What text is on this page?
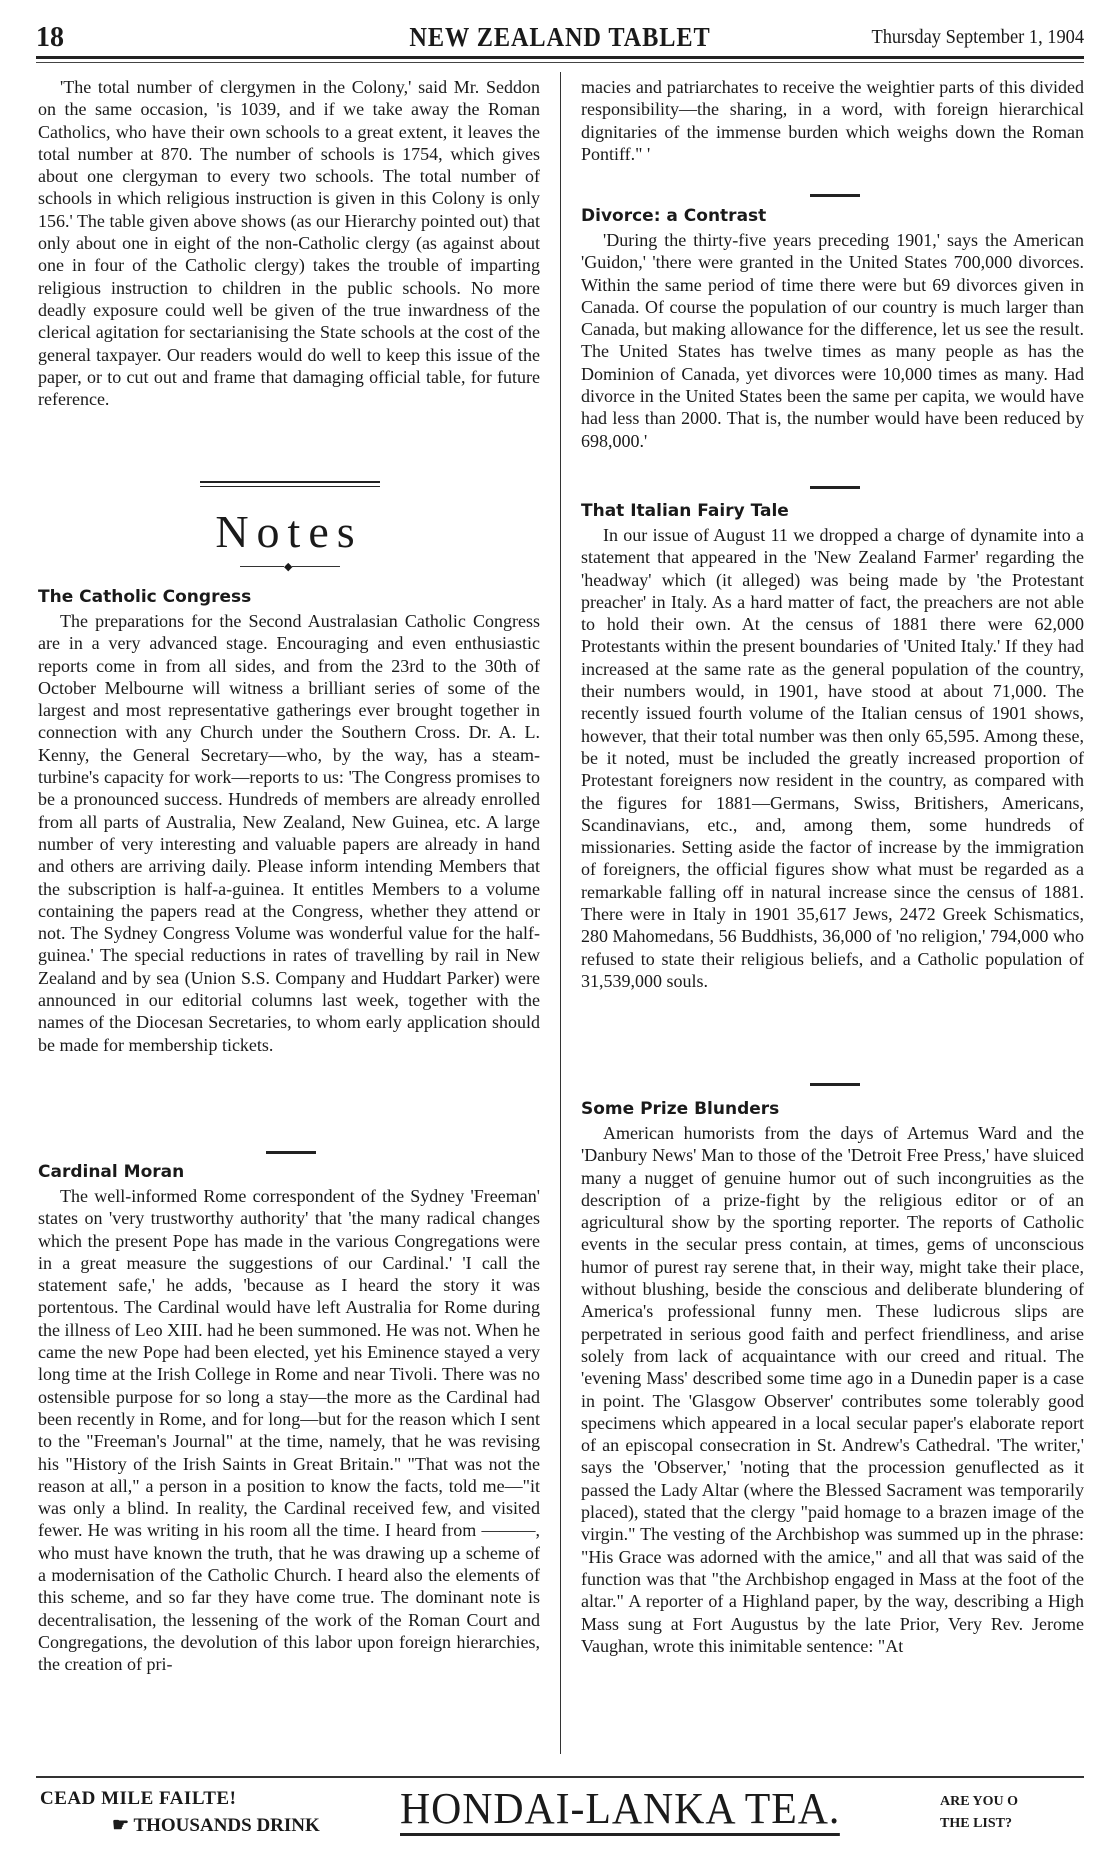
18	NEW ZEALAND TABLET	Thursday September 1, 1904

'The total number of clergymen in the Colony,' said Mr. Seddon on the same occasion, 'is 1039, and if we take away the Roman Catholics, who have their own schools to a great extent, it leaves the total number at 870. The number of schools is 1754, which gives about one clergyman to every two schools. The total number of schools in which religious instruction is given in this Colony is only 156.' The table given above shows (as our Hierarchy pointed out) that only about one in eight of the non-Catholic clergy (as against about one in four of the Catholic clergy) takes the trouble of imparting religious instruction to children in the public schools. No more deadly exposure could well be given of the true inwardness of the clerical agitation for sectarianising the State schools at the cost of the general taxpayer. Our readers would do well to keep this issue of the paper, or to cut out and frame that damaging official table, for future reference.

Notes
◆
The Catholic Congress

The preparations for the Second Australasian Catholic Congress are in a very advanced stage. Encouraging and even enthusiastic reports come in from all sides, and from the 23rd to the 30th of October Melbourne will witness a brilliant series of some of the largest and most representative gatherings ever brought together in connection with any Church under the Southern Cross. Dr. A. L. Kenny, the General Secretary—who, by the way, has a steam-turbine's capacity for work—reports to us: 'The Congress promises to be a pronounced success. Hundreds of members are already enrolled from all parts of Australia, New Zealand, New Guinea, etc. A large number of very interesting and valuable papers are already in hand and others are arriving daily. Please inform intending Members that the subscription is half-a-guinea. It entitles Members to a volume containing the papers read at the Congress, whether they attend or not. The Sydney Congress Volume was wonderful value for the half-guinea.' The special reductions in rates of travelling by rail in New Zealand and by sea (Union S.S. Company and Huddart Parker) were announced in our editorial columns last week, together with the names of the Diocesan Secretaries, to whom early application should be made for membership tickets.

Cardinal Moran

The well-informed Rome correspondent of the Sydney 'Freeman' states on 'very trustworthy authority' that 'the many radical changes which the present Pope has made in the various Congregations were in a great measure the suggestions of our Cardinal.' 'I call the statement safe,' he adds, 'because as I heard the story it was portentous. The Cardinal would have left Australia for Rome during the illness of Leo XIII. had he been summoned. He was not. When he came the new Pope had been elected, yet his Eminence stayed a very long time at the Irish College in Rome and near Tivoli. There was no ostensible purpose for so long a stay—the more as the Cardinal had been recently in Rome, and for long—but for the reason which I sent to the "Freeman's Journal" at the time, namely, that he was revising his "History of the Irish Saints in Great Britain." "That was not the reason at all," a person in a position to know the facts, told me—"it was only a blind. In reality, the Cardinal received few, and visited fewer. He was writing in his room all the time. I heard from ———, who must have known the truth, that he was drawing up a scheme of a modernisation of the Catholic Church. I heard also the elements of this scheme, and so far they have come true. The dominant note is decentralisation, the lessening of the work of the Roman Court and Congregations, the devolution of this labor upon foreign hierarchies, the creation of pri-

macies and patriarchates to receive the weightier parts of this divided responsibility—the sharing, in a word, with foreign hierarchical dignitaries of the immense burden which weighs down the Roman Pontiff." '

Divorce: a Contrast

'During the thirty-five years preceding 1901,' says the American 'Guidon,' 'there were granted in the United States 700,000 divorces. Within the same period of time there were but 69 divorces given in Canada. Of course the population of our country is much larger than Canada, but making allowance for the difference, let us see the result. The United States has twelve times as many people as has the Dominion of Canada, yet divorces were 10,000 times as many. Had divorce in the United States been the same per capita, we would have had less than 2000. That is, the number would have been reduced by 698,000.'

That Italian Fairy Tale

In our issue of August 11 we dropped a charge of dynamite into a statement that appeared in the 'New Zealand Farmer' regarding the 'headway' which (it alleged) was being made by 'the Protestant preacher' in Italy. As a hard matter of fact, the preachers are not able to hold their own. At the census of 1881 there were 62,000 Protestants within the present boundaries of 'United Italy.' If they had increased at the same rate as the general population of the country, their numbers would, in 1901, have stood at about 71,000. The recently issued fourth volume of the Italian census of 1901 shows, however, that their total number was then only 65,595. Among these, be it noted, must be included the greatly increased proportion of Protestant foreigners now resident in the country, as compared with the figures for 1881—Germans, Swiss, Britishers, Americans, Scandinavians, etc., and, among them, some hundreds of missionaries. Setting aside the factor of increase by the immigration of foreigners, the official figures show what must be regarded as a remarkable falling off in natural increase since the census of 1881. There were in Italy in 1901 35,617 Jews, 2472 Greek Schismatics, 280 Mahomedans, 56 Buddhists, 36,000 of 'no religion,' 794,000 who refused to state their religious beliefs, and a Catholic population of 31,539,000 souls.

Some Prize Blunders

American humorists from the days of Artemus Ward and the 'Danbury News' Man to those of the 'Detroit Free Press,' have sluiced many a nugget of genuine humor out of such incongruities as the description of a prize-fight by the religious editor or of an agricultural show by the sporting reporter. The reports of Catholic events in the secular press contain, at times, gems of unconscious humor of purest ray serene that, in their way, might take their place, without blushing, beside the conscious and deliberate blundering of America's professional funny men. These ludicrous slips are perpetrated in serious good faith and perfect friendliness, and arise solely from lack of acquaintance with our creed and ritual. The 'evening Mass' described some time ago in a Dunedin paper is a case in point. The 'Glasgow Observer' contributes some tolerably good specimens which appeared in a local secular paper's elaborate report of an episcopal consecration in St. Andrew's Cathedral. 'The writer,' says the 'Observer,' 'noting that the procession genuflected as it passed the Lady Altar (where the Blessed Sacrament was temporarily placed), stated that the clergy "paid homage to a brazen image of the virgin." The vesting of the Archbishop was summed up in the phrase: "His Grace was adorned with the amice," and all that was said of the function was that "the Archbishop engaged in Mass at the foot of the altar." A reporter of a Highland paper, by the way, describing a High Mass sung at Fort Augustus by the late Prior, Very Rev. Jerome Vaughan, wrote this inimitable sentence: "At

CEAD MILE FAILTE!
☛ THOUSANDS DRINK HONDAI-LANKA TEA.	ARE YOU O
THE LIST?
